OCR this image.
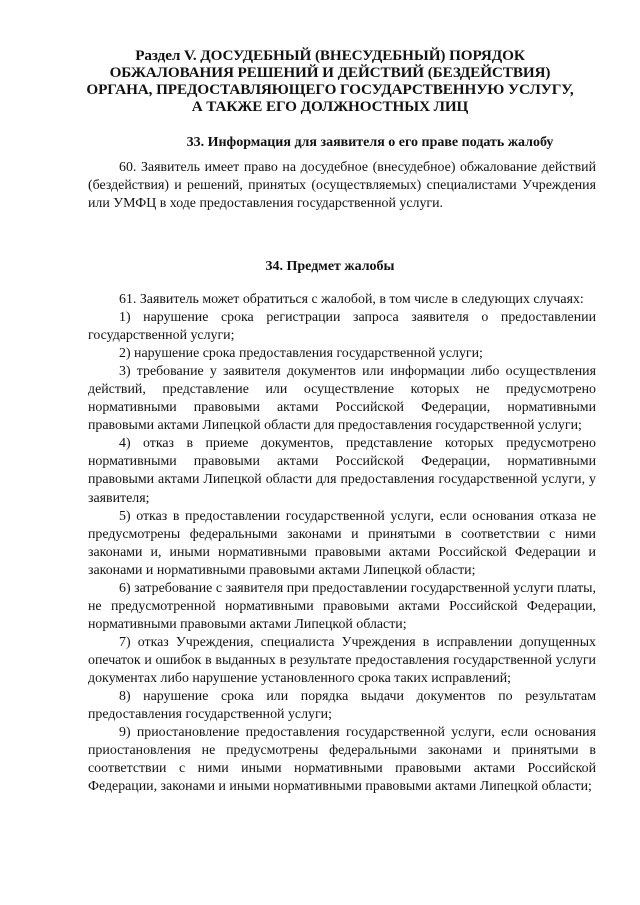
Раздел V. ДОСУДЕБНЫЙ (ВНЕСУДЕБНЫЙ) ПОРЯДОК
ОБЖАЛОВАНИЯ РЕШЕНИЙ И ДЕЙСТВИЙ (БЕЗДЕЙСТВИЯ)
ОРГАНА, ПРЕДОСТАВЛЯЮЩЕГО ГОСУДАРСТВЕННУЮ УСЛУГУ,
А ТАКЖЕ ЕГО ДОЛЖНОСТНЫХ ЛИЦ
33. Информация для заявителя о его праве подать жалобу

60. Заявитель имеет право на досудебное (внесудебное) обжалование действий (бездействия) и решений, принятых (осуществляемых) специалистами Учреждения или УМФЦ в ходе предоставления государственной услуги.

34. Предмет жалобы

61. Заявитель может обратиться с жалобой, в том числе в следующих случаях:

1) нарушение срока регистрации запроса заявителя о предоставлении государственной услуги;

2) нарушение срока предоставления государственной услуги;

3) требование у заявителя документов или информации либо осуществления действий, представление или осуществление которых не предусмотрено нормативными правовыми актами Российской Федерации, нормативными правовыми актами Липецкой области для предоставления государственной услуги;

4) отказ в приеме документов, представление которых предусмотрено нормативными правовыми актами Российской Федерации, нормативными правовыми актами Липецкой области для предоставления государственной услуги, у заявителя;

5) отказ в предоставлении государственной услуги, если основания отказа не предусмотрены федеральными законами и принятыми в соответствии с ними законами и, иными нормативными правовыми актами Российской Федерации и законами и нормативными правовыми актами Липецкой области;

6) затребование с заявителя при предоставлении государственной услуги платы, не предусмотренной нормативными правовыми актами Российской Федерации, нормативными правовыми актами Липецкой области;

7) отказ Учреждения, специалиста Учреждения в исправлении допущенных опечаток и ошибок в выданных в результате предоставления государственной услуги документах либо нарушение установленного срока таких исправлений;

8) нарушение срока или порядка выдачи документов по результатам предоставления государственной услуги;

9) приостановление предоставления государственной услуги, если основания приостановления не предусмотрены федеральными законами и принятыми в соответствии с ними иными нормативными правовыми актами Российской Федерации, законами и иными нормативными правовыми актами Липецкой области;
